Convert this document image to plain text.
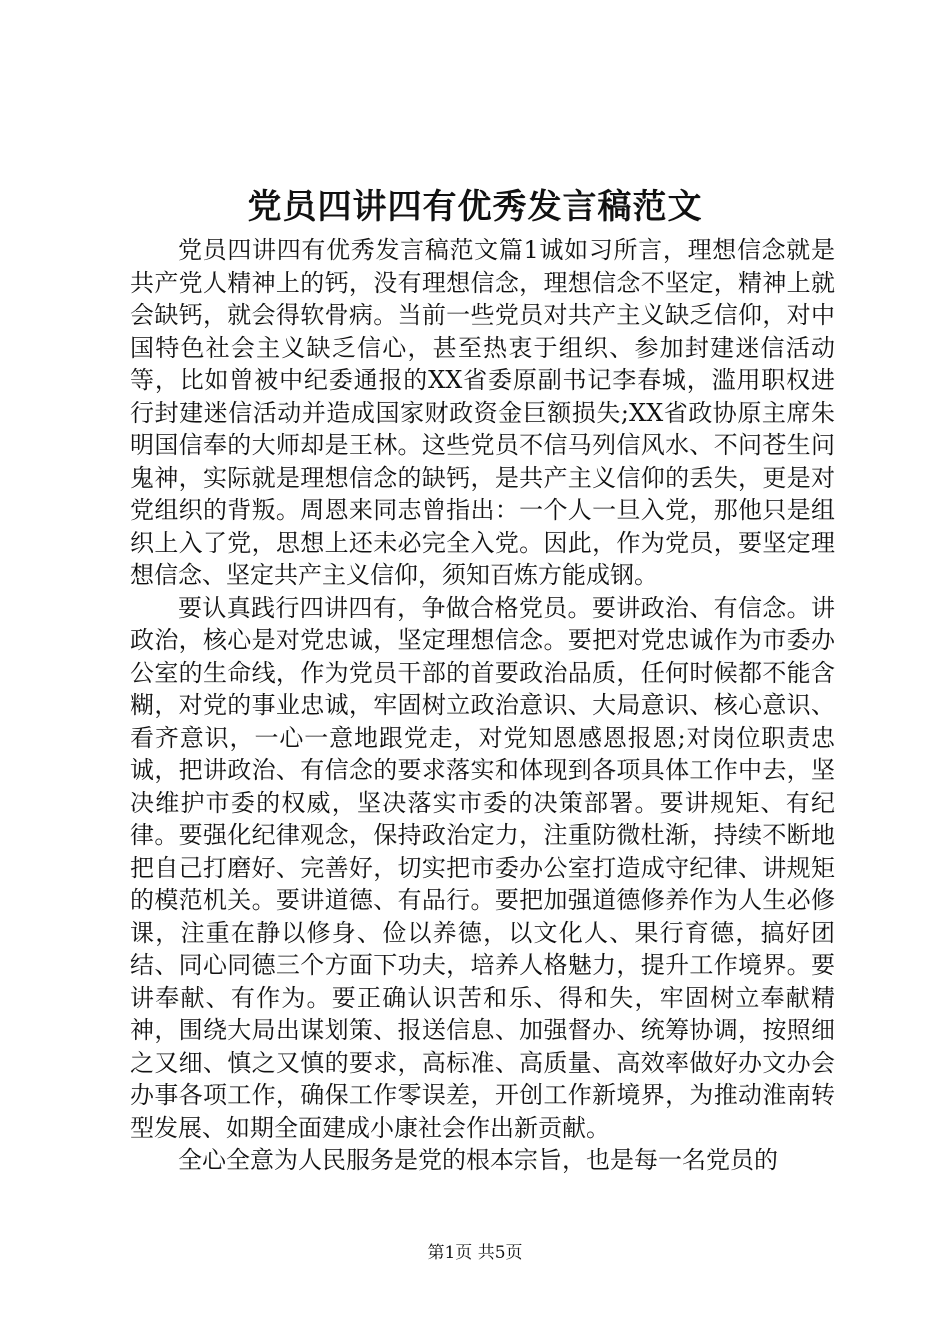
党员四讲四有优秀发言稿范文

党员四讲四有优秀发言稿范文篇1诚如习所言，理想信念就是共产党人精神上的钙，没有理想信念，理想信念不坚定，精神上就会缺钙，就会得软骨病。当前一些党员对共产主义缺乏信仰，对中国特色社会主义缺乏信心，甚至热衷于组织、参加封建迷信活动等，比如曾被中纪委通报的XX省委原副书记李春城，滥用职权进行封建迷信活动并造成国家财政资金巨额损失;XX省政协原主席朱明国信奉的大师却是王林。这些党员不信马列信风水、不问苍生问鬼神，实际就是理想信念的缺钙，是共产主义信仰的丢失，更是对党组织的背叛。周恩来同志曾指出：一个人一旦入党，那他只是组织上入了党，思想上还未必完全入党。因此，作为党员，要坚定理想信念、坚定共产主义信仰，须知百炼方能成钢。

要认真践行四讲四有，争做合格党员。要讲政治、有信念。讲政治，核心是对党忠诚，坚定理想信念。要把对党忠诚作为市委办公室的生命线，作为党员干部的首要政治品质，任何时候都不能含糊，对党的事业忠诚，牢固树立政治意识、大局意识、核心意识、看齐意识，一心一意地跟党走，对党知恩感恩报恩;对岗位职责忠诚，把讲政治、有信念的要求落实和体现到各项具体工作中去，坚决维护市委的权威，坚决落实市委的决策部署。要讲规矩、有纪律。要强化纪律观念，保持政治定力，注重防微杜渐，持续不断地把自己打磨好、完善好，切实把市委办公室打造成守纪律、讲规矩的模范机关。要讲道德、有品行。要把加强道德修养作为人生必修课，注重在静以修身、俭以养德，以文化人、果行育德，搞好团结、同心同德三个方面下功夫，培养人格魅力，提升工作境界。要讲奉献、有作为。要正确认识苦和乐、得和失，牢固树立奉献精神，围绕大局出谋划策、报送信息、加强督办、统筹协调，按照细之又细、慎之又慎的要求，高标准、高质量、高效率做好办文办会办事各项工作，确保工作零误差，开创工作新境界，为推动淮南转型发展、如期全面建成小康社会作出新贡献。

全心全意为人民服务是党的根本宗旨，也是每一名党员的

第1页 共5页
